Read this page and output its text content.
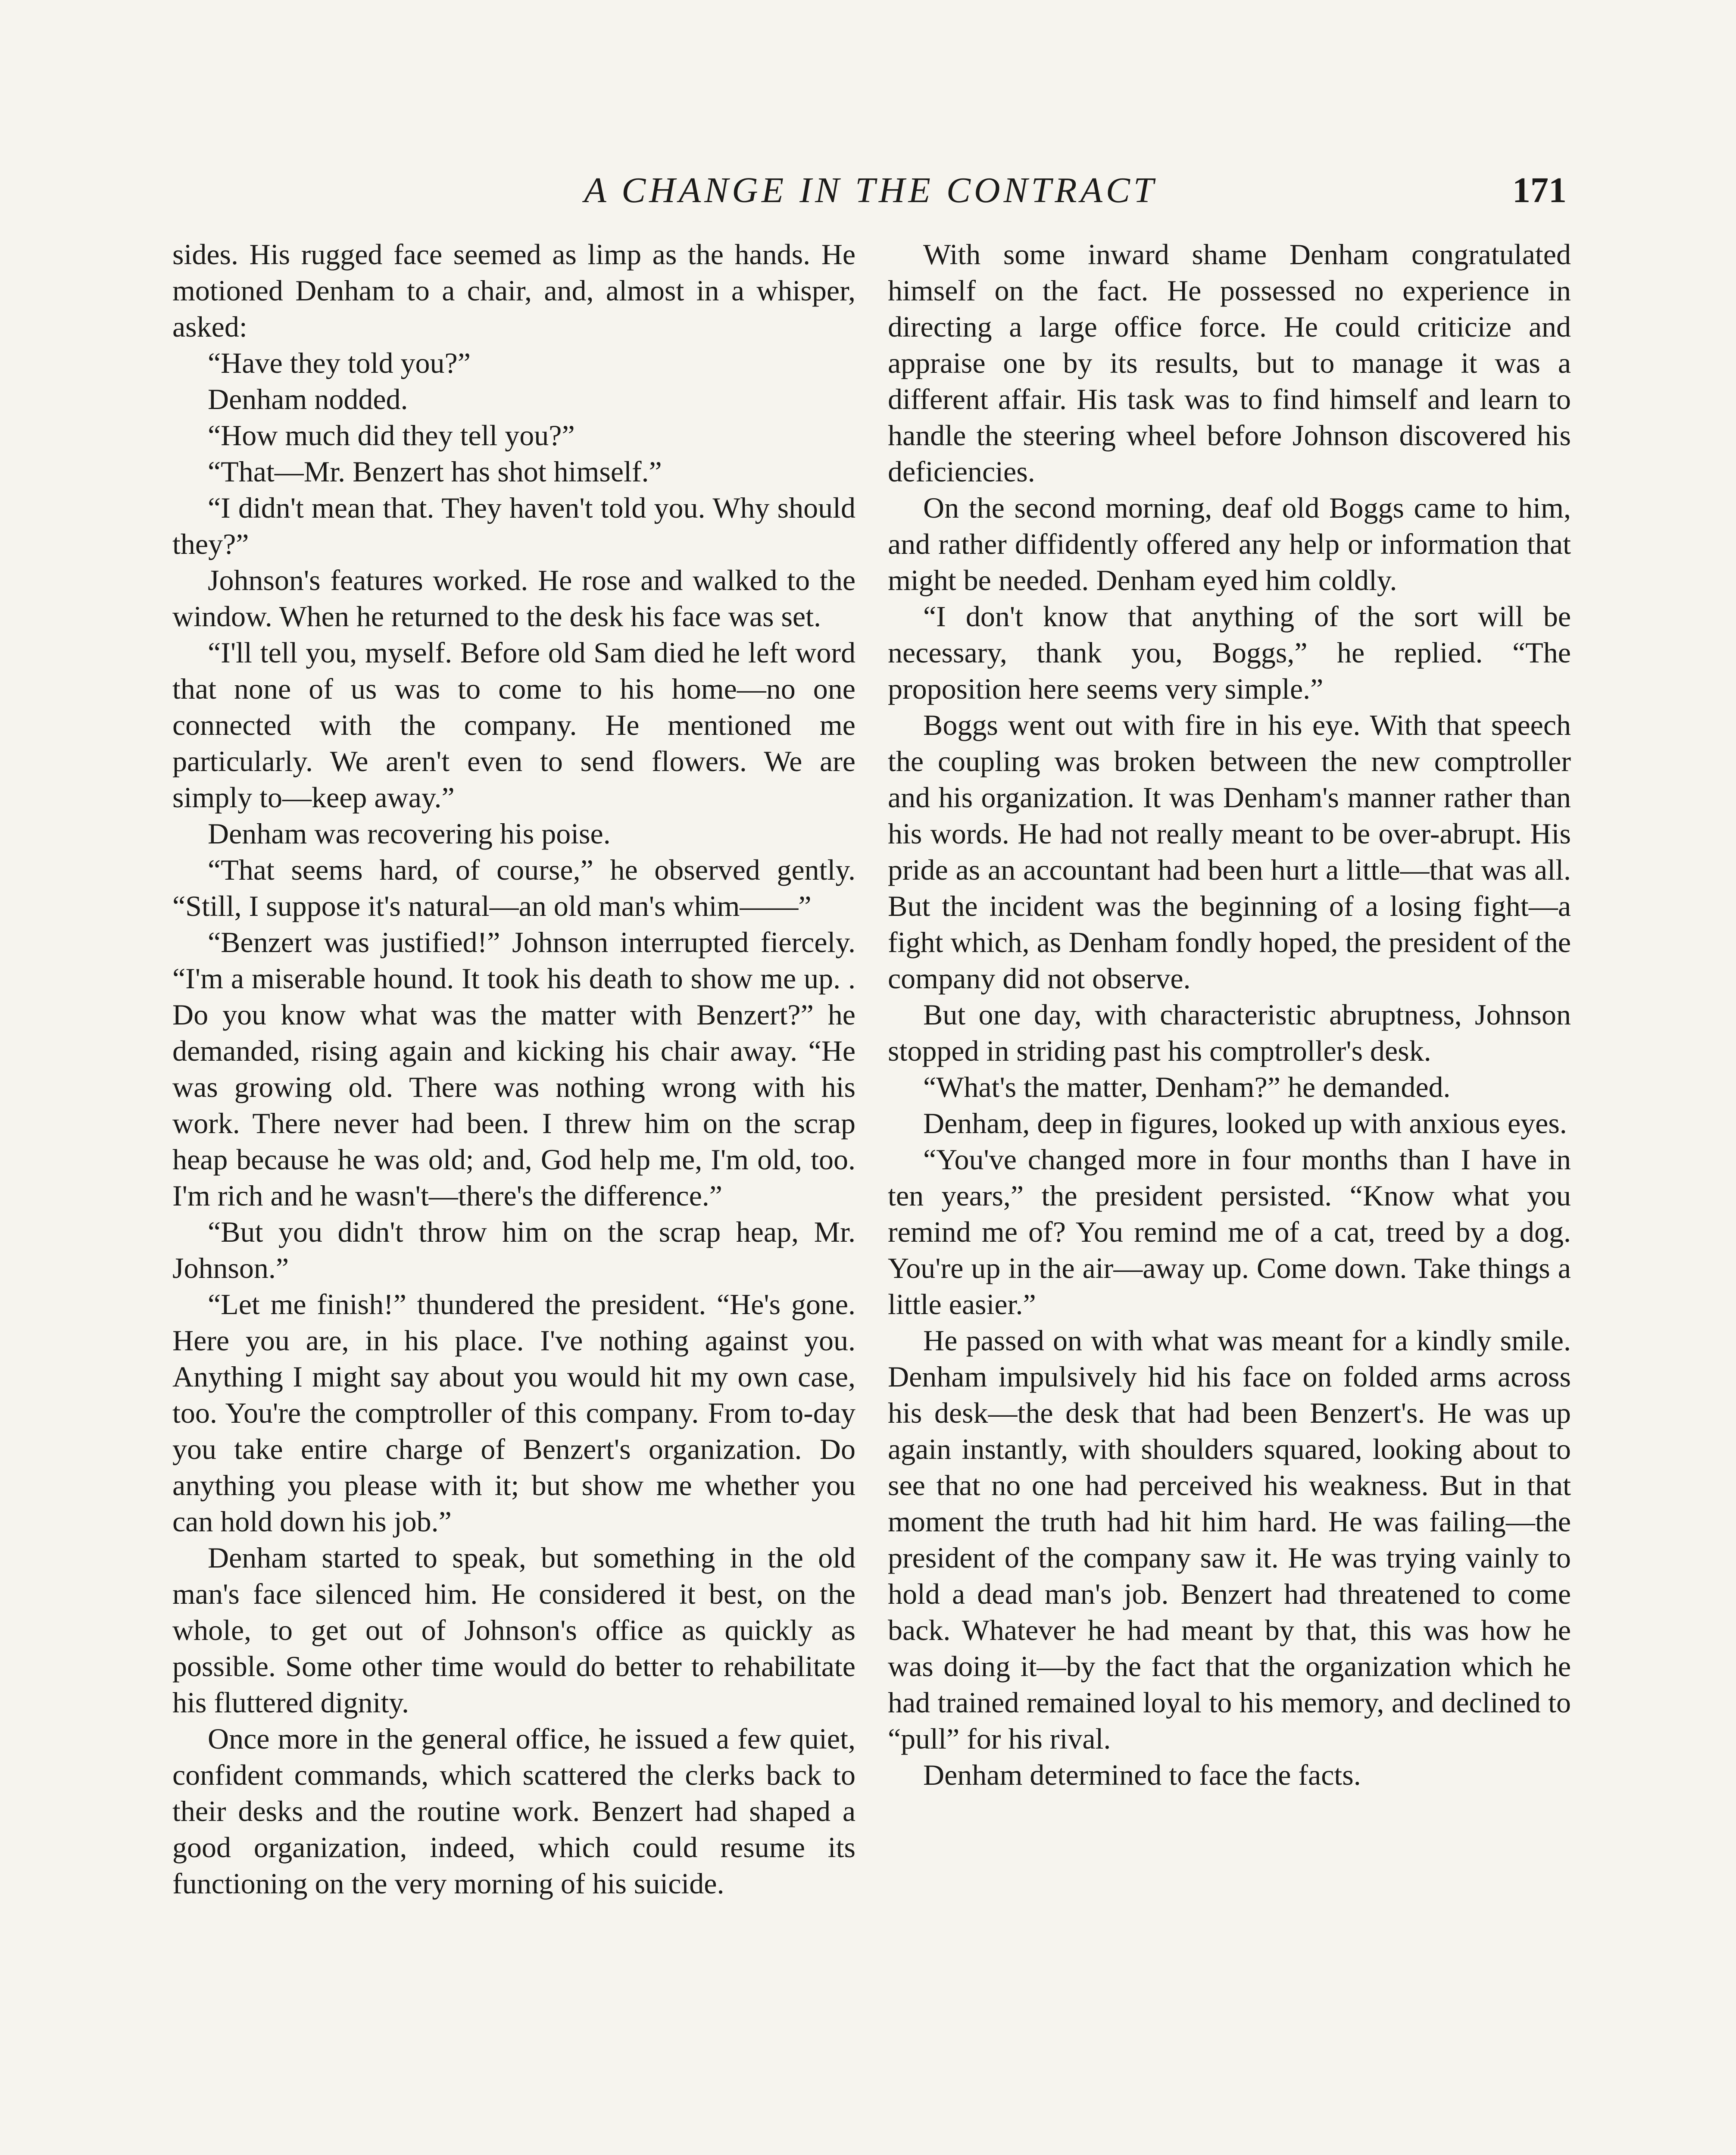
A CHANGE IN THE CONTRACT	171

sides. His rugged face seemed as limp as the hands. He motioned Denham to a chair, and, almost in a whisper, asked:

“Have they told you?”

Denham nodded.

“How much did they tell you?”

“That—Mr. Benzert has shot himself.”

“I didn't mean that. They haven't told you. Why should they?”

Johnson's features worked. He rose and walked to the window. When he returned to the desk his face was set.

“I'll tell you, myself. Before old Sam died he left word that none of us was to come to his home—no one connected with the company. He mentioned me particularly. We aren't even to send flowers. We are simply to—keep away.”

Denham was recovering his poise.

“That seems hard, of course,” he observed gently. “Still, I suppose it's natural—an old man's whim——”

“Benzert was justified!” Johnson interrupted fiercely. “I'm a miserable hound. It took his death to show me up. . Do you know what was the matter with Benzert?” he demanded, rising again and kicking his chair away. “He was growing old. There was nothing wrong with his work. There never had been. I threw him on the scrap heap because he was old; and, God help me, I'm old, too. I'm rich and he wasn't—there's the difference.”

“But you didn't throw him on the scrap heap, Mr. Johnson.”

“Let me finish!” thundered the president. “He's gone. Here you are, in his place. I've nothing against you. Anything I might say about you would hit my own case, too. You're the comptroller of this company. From to-day you take entire charge of Benzert's organization. Do anything you please with it; but show me whether you can hold down his job.”

Denham started to speak, but something in the old man's face silenced him. He considered it best, on the whole, to get out of Johnson's office as quickly as possible. Some other time would do better to rehabilitate his fluttered dignity.

Once more in the general office, he issued a few quiet, confident commands, which scattered the clerks back to their desks and the routine work. Benzert had shaped a good organization, indeed, which could resume its functioning on the very morning of his suicide.

With some inward shame Denham congratulated himself on the fact. He possessed no experience in directing a large office force. He could criticize and appraise one by its results, but to manage it was a different affair. His task was to find himself and learn to handle the steering wheel before Johnson discovered his deficiencies.

On the second morning, deaf old Boggs came to him, and rather diffidently offered any help or information that might be needed. Denham eyed him coldly.

“I don't know that anything of the sort will be necessary, thank you, Boggs,” he replied. “The proposition here seems very simple.”

Boggs went out with fire in his eye. With that speech the coupling was broken between the new comptroller and his organization. It was Denham's manner rather than his words. He had not really meant to be over-abrupt. His pride as an accountant had been hurt a little—that was all. But the incident was the beginning of a losing fight—a fight which, as Denham fondly hoped, the president of the company did not observe.

But one day, with characteristic abruptness, Johnson stopped in striding past his comptroller's desk.

“What's the matter, Denham?” he demanded.

Denham, deep in figures, looked up with anxious eyes.

“You've changed more in four months than I have in ten years,” the president persisted. “Know what you remind me of? You remind me of a cat, treed by a dog. You're up in the air—away up. Come down. Take things a little easier.”

He passed on with what was meant for a kindly smile. Denham impulsively hid his face on folded arms across his desk—the desk that had been Benzert's. He was up again instantly, with shoulders squared, looking about to see that no one had perceived his weakness. But in that moment the truth had hit him hard. He was failing—the president of the company saw it. He was trying vainly to hold a dead man's job. Benzert had threatened to come back. Whatever he had meant by that, this was how he was doing it—by the fact that the organization which he had trained remained loyal to his memory, and declined to “pull” for his rival.

Denham determined to face the facts.
